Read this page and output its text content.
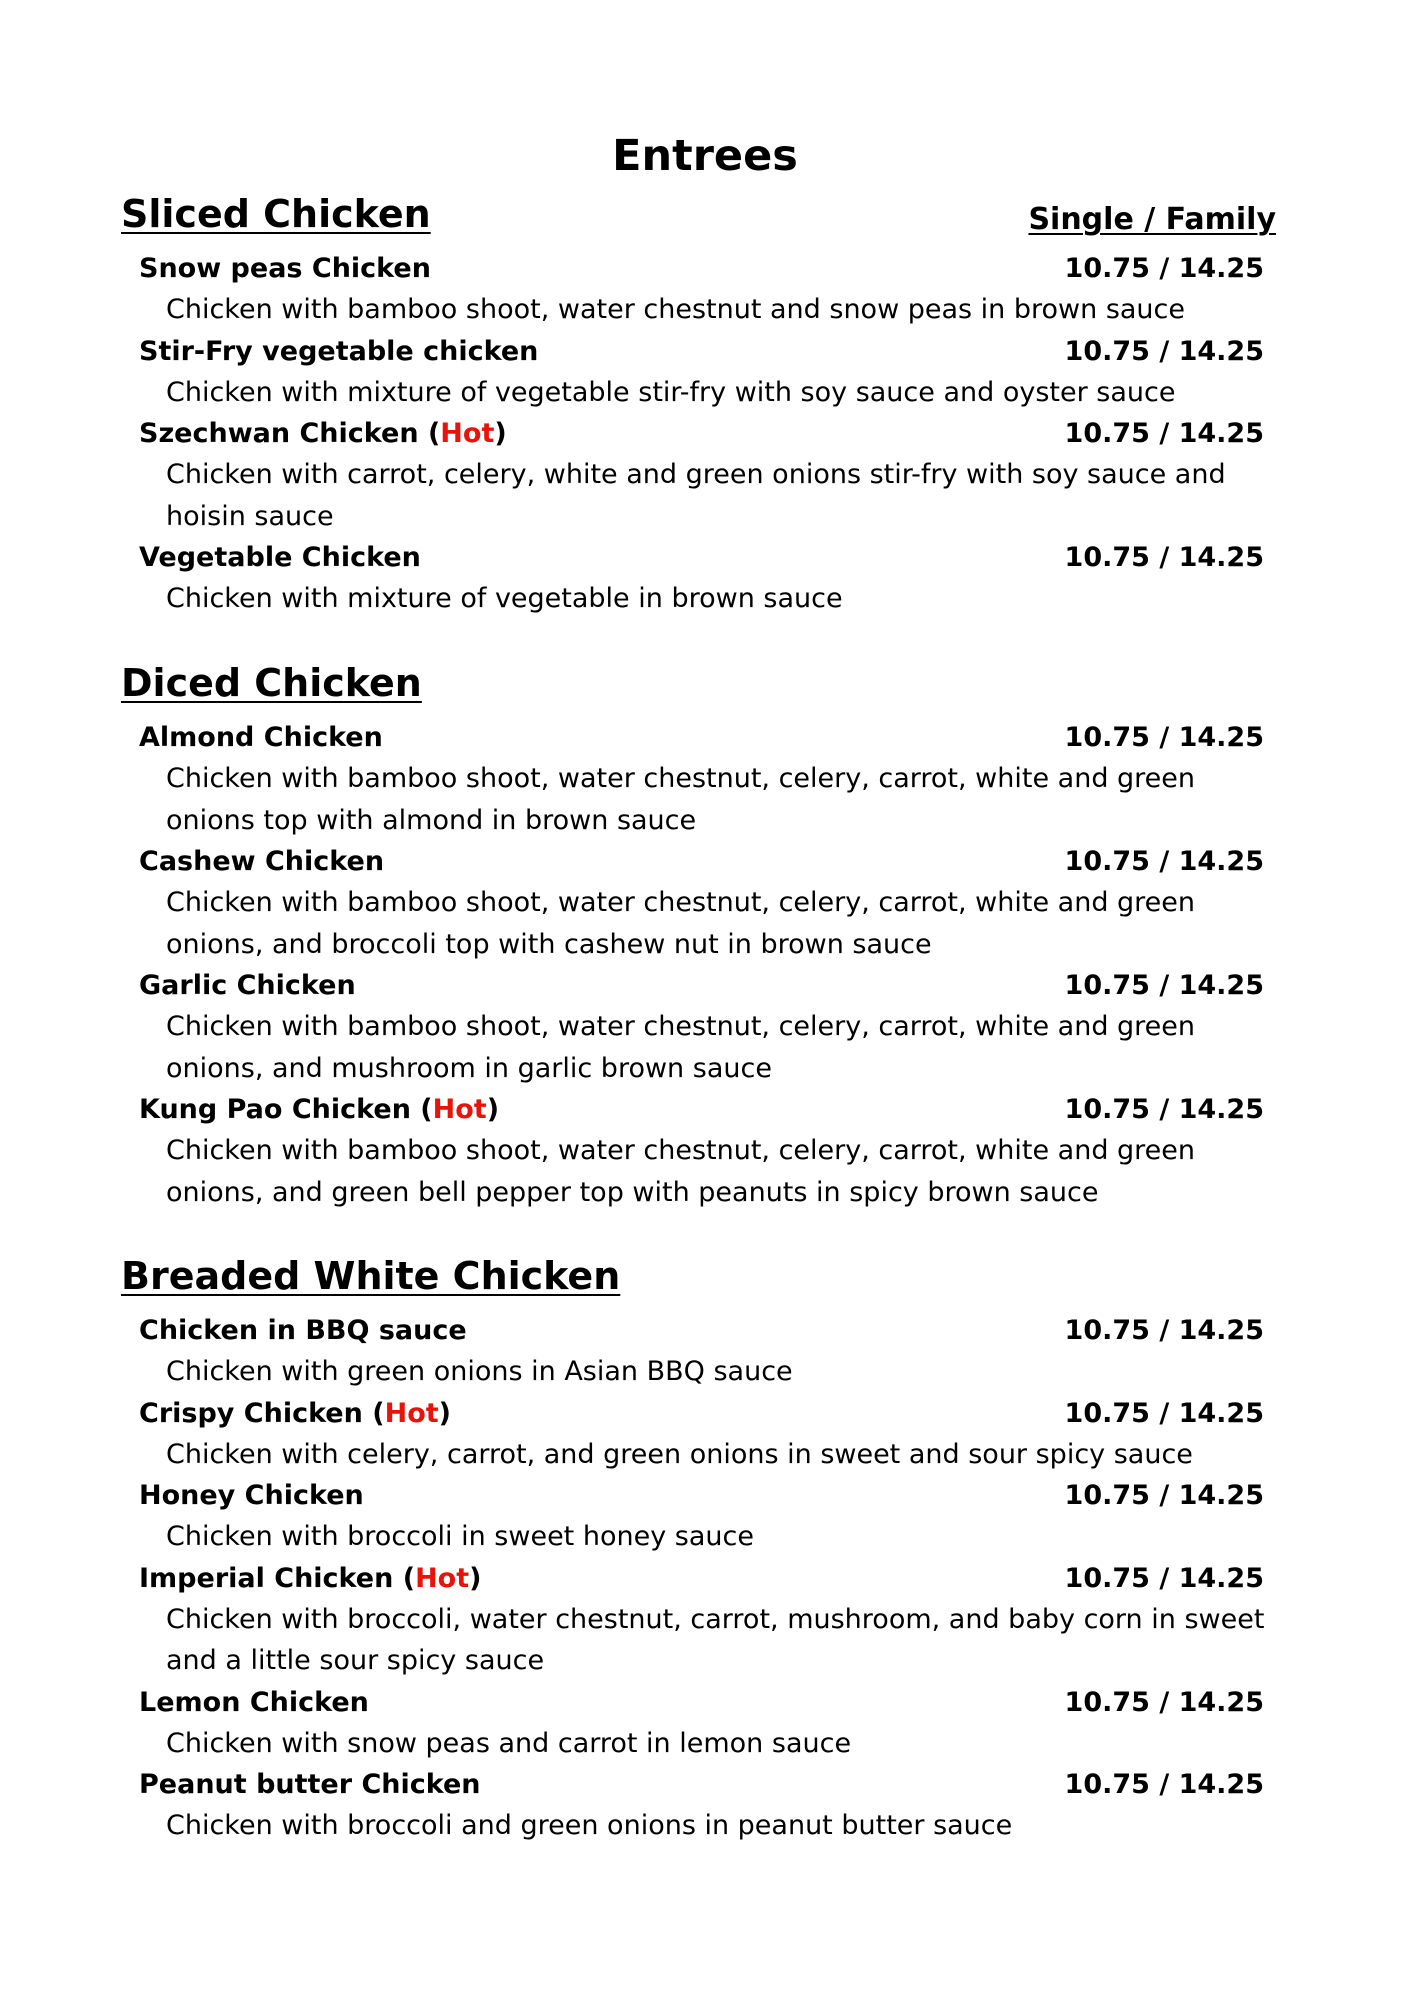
Entrees
Sliced Chicken	Single / Family
Snow peas Chicken	10.75 / 14.25
Chicken with bamboo shoot, water chestnut and snow peas in brown sauce
Stir-Fry vegetable chicken	10.75 / 14.25
Chicken with mixture of vegetable stir-fry with soy sauce and oyster sauce
Szechwan Chicken (Hot)	10.75 / 14.25
Chicken with carrot, celery, white and green onions stir-fry with soy sauce and hoisin sauce
Vegetable Chicken	10.75 / 14.25
Chicken with mixture of vegetable in brown sauce
Diced Chicken
Almond Chicken	10.75 / 14.25
Chicken with bamboo shoot, water chestnut, celery, carrot, white and green onions top with almond in brown sauce
Cashew Chicken	10.75 / 14.25
Chicken with bamboo shoot, water chestnut, celery, carrot, white and green onions, and broccoli top with cashew nut in brown sauce
Garlic Chicken	10.75 / 14.25
Chicken with bamboo shoot, water chestnut, celery, carrot, white and green onions, and mushroom in garlic brown sauce
Kung Pao Chicken (Hot)	10.75 / 14.25
Chicken with bamboo shoot, water chestnut, celery, carrot, white and green onions, and green bell pepper top with peanuts in spicy brown sauce
Breaded White Chicken
Chicken in BBQ sauce	10.75 / 14.25
Chicken with green onions in Asian BBQ sauce
Crispy Chicken (Hot)	10.75 / 14.25
Chicken with celery, carrot, and green onions in sweet and sour spicy sauce
Honey Chicken	10.75 / 14.25
Chicken with broccoli in sweet honey sauce
Imperial Chicken (Hot)	10.75 / 14.25
Chicken with broccoli, water chestnut, carrot, mushroom, and baby corn in sweet and a little sour spicy sauce
Lemon Chicken	10.75 / 14.25
Chicken with snow peas and carrot in lemon sauce
Peanut butter Chicken	10.75 / 14.25
Chicken with broccoli and green onions in peanut butter sauce
